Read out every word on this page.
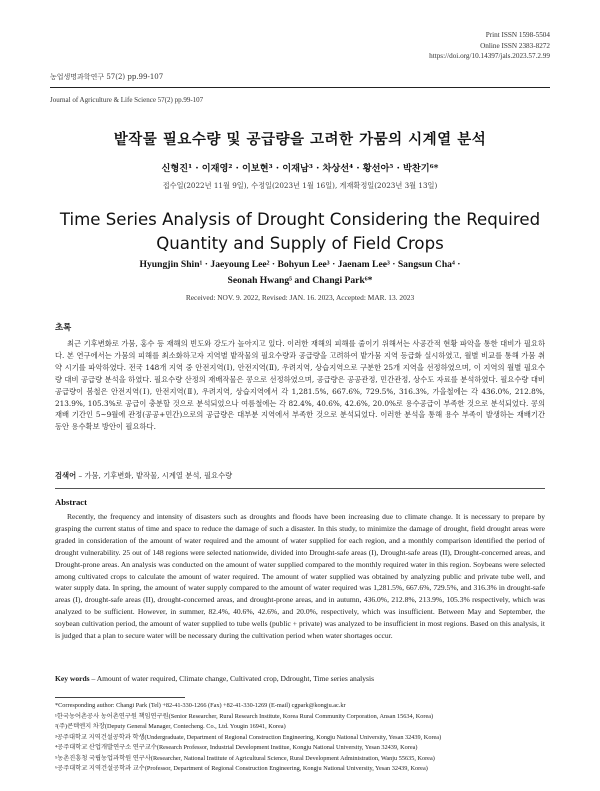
Print ISSN 1598-5504
Online ISSN 2383-8272
https://doi.org/10.14397/jals.2023.57.2.99
농업생명과학연구 57(2) pp.99-107
Journal of Agriculture & Life Science 57(2) pp.99-107
밭작물 필요수량 및 공급량을 고려한 가뭄의 시계열 분석
신형진¹ · 이재영² · 이보현³ · 이재남³ · 차상선⁴ · 황선아⁵ · 박찬기⁶*
접수일(2022년 11월 9일), 수정일(2023년 1월 16일), 게재확정일(2023년 3월 13일)
Time Series Analysis of Drought Considering the Required Quantity and Supply of Field Crops
Hyungjin Shin¹ · Jaeyoung Lee² · Bohyun Lee³ · Jaenam Lee³ · Sangsun Cha⁴ ·
Seonah Hwang⁵ and Changi Park⁶*
Received: NOV. 9. 2022, Revised: JAN. 16. 2023, Accepted: MAR. 13. 2023
초록
최근 기후변화로 가뭄, 홍수 등 재해의 빈도와 강도가 높아지고 있다. 이러한 재해의 피해를 줄이기 위해서는 사공간적 현황 파악을 통한 대비가 필요하다. 본 연구에서는 가뭄의 피해를 최소화하고자 지역별 밭작물의 필요수량과 공급량을 고려하여 밭가뭄 지역 등급화 실시하였고, 월별 비교를 통해 가뭄 취약 시기를 파악하였다. 전국 148개 지역 중 안전지역(Ⅰ), 안전지역(Ⅱ), 우려지역, 상습지역으로 구분한 25개 지역을 선정하였으며, 이 지역의 월별 필요수량 대비 공급량 분석을 하였다. 필요수량 산정의 재배작물은 콩으로 선정하였으며, 공급량은 공공관정, 민간관정, 상수도 자료를 분석하였다. 필요수량 대비 공급량이 봄철은 안전지역(Ⅰ), 안전지역(Ⅱ), 우려지역, 상습지역에서 각 1,281.5%, 667.6%, 729.5%, 316.3%, 가을철에는 각 436.0%, 212.8%, 213.9%, 105.3%로 공급이 충분할 것으로 분석되었으나 여름철에는 각 82.4%, 40.6%, 42.6%, 20.0%로 용수공급이 부족한 것으로 분석되었다. 콩의 재배 기간인 5~9월에 관정(공공+민간)으로의 공급량은 대부분 지역에서 부족한 것으로 분석되었다. 이러한 분석을 통해 용수 부족이 발생하는 재배기간 동안 용수확보 방안이 필요하다.
검색어 – 가뭄, 기후변화, 밭작물, 시계열 분석, 필요수량
Abstract
Recently, the frequency and intensity of disasters such as droughts and floods have been increasing due to climate change. It is necessary to prepare by grasping the current status of time and space to reduce the damage of such a disaster. In this study, to minimize the damage of drought, field drought areas were graded in consideration of the amount of water required and the amount of water supplied for each region, and a monthly comparison identified the period of drought vulnerability. 25 out of 148 regions were selected nationwide, divided into Drought-safe areas (I), Drought-safe areas (II), Drought-concerned areas, and Drought-prone areas. An analysis was conducted on the amount of water supplied compared to the monthly required water in this region. Soybeans were selected among cultivated crops to calculate the amount of water required. The amount of water supplied was obtained by analyzing public and private tube well, and water supply data. In spring, the amount of water supply compared to the amount of water required was 1,281.5%, 667.6%, 729.5%, and 316.3% in drought-safe areas (I), drought-safe areas (II), drought-concerned areas, and drought-prone areas, and in autumn, 436.0%, 212.8%, 213.9%, 105.3% respectively, which was analyzed to be sufficient. However, in summer, 82.4%, 40.6%, 42.6%, and 20.0%, respectively, which was insufficient. Between May and September, the soybean cultivation period, the amount of water supplied to tube wells (public + private) was analyzed to be insufficient in most regions. Based on this analysis, it is judged that a plan to secure water will be necessary during the cultivation period when water shortages occur.
Key words – Amount of water required, Climate change, Cultivated crop, Ddrought, Time series analysis
*Corresponding author: Changi Park (Tel) +82-41-330-1266 (Fax) +82-41-330-1269 (E-mail) cgpark@kongju.ac.kr
¹한국농어촌공사 농어촌연구원 책임연구원(Senior Researcher, Rural Research Institute, Korea Rural Community Corporation, Ansan 15634, Korea)
²(주)콘텍엔지 차장(Deputy General Manager, Contecheng. Co., Ltd. Yougin 16941, Korea)
³공주대학교 지역건설공학과 학생(Undergraduate, Department of Regional Construction Engineering, Kongju National University, Yesan 32439, Korea)
⁴공주대학교 산업개발연구소 연구교수(Research Professor, Industrial Development Institue, Kongju National University, Yesan 32439, Korea)
⁵농촌진흥청 국립농업과학원 연구사(Researcher, National Institute of Agricultural Science, Rural Development Administration, Wanju 55635, Korea)
⁶공주대학교 지역건설공학과 교수(Professor, Department of Regional Construction Engineering, Kongju National University, Yesan 32439, Korea)
